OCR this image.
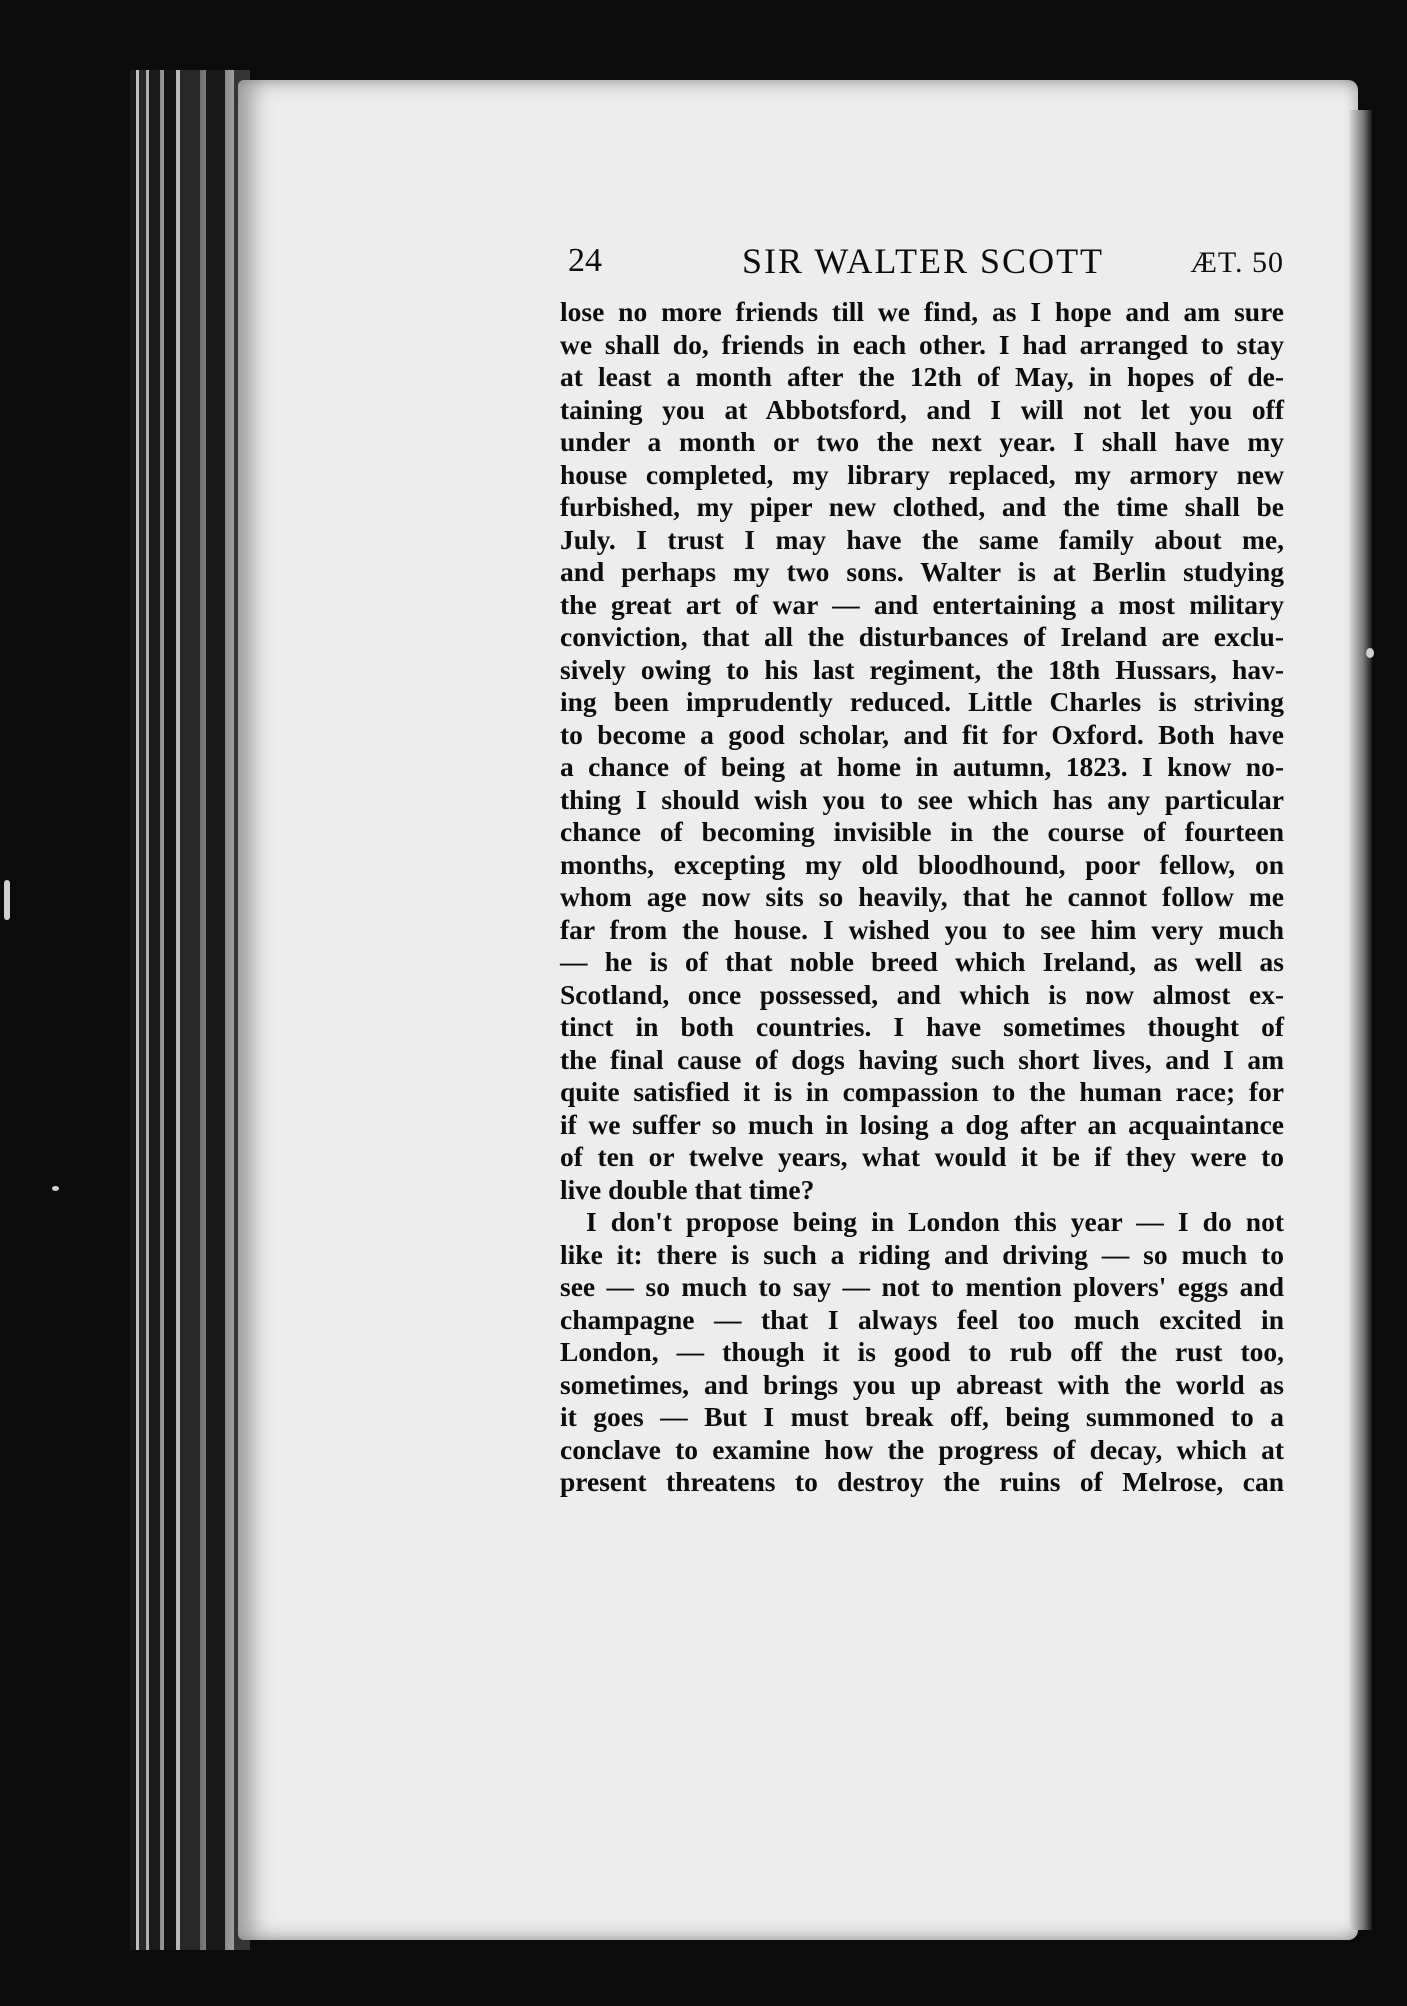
24	SIR WALTER SCOTT	ÆT. 50
lose no more friends till we find, as I hope and am sure
we shall do, friends in each other. I had arranged to stay
at least a month after the 12th of May, in hopes of de-
taining you at Abbotsford, and I will not let you off
under a month or two the next year. I shall have my
house completed, my library replaced, my armory new
furbished, my piper new clothed, and the time shall be
July. I trust I may have the same family about me,
and perhaps my two sons. Walter is at Berlin studying
the great art of war — and entertaining a most military
conviction, that all the disturbances of Ireland are exclu-
sively owing to his last regiment, the 18th Hussars, hav-
ing been imprudently reduced. Little Charles is striving
to become a good scholar, and fit for Oxford. Both have
a chance of being at home in autumn, 1823. I know no-
thing I should wish you to see which has any particular
chance of becoming invisible in the course of fourteen
months, excepting my old bloodhound, poor fellow, on
whom age now sits so heavily, that he cannot follow me
far from the house. I wished you to see him very much
— he is of that noble breed which Ireland, as well as
Scotland, once possessed, and which is now almost ex-
tinct in both countries. I have sometimes thought of
the final cause of dogs having such short lives, and I am
quite satisfied it is in compassion to the human race; for
if we suffer so much in losing a dog after an acquaintance
of ten or twelve years, what would it be if they were to
live double that time?
I don't propose being in London this year — I do not
like it: there is such a riding and driving — so much to
see — so much to say — not to mention plovers' eggs and
champagne — that I always feel too much excited in
London, — though it is good to rub off the rust too,
sometimes, and brings you up abreast with the world as
it goes — But I must break off, being summoned to a
conclave to examine how the progress of decay, which at
present threatens to destroy the ruins of Melrose, can
